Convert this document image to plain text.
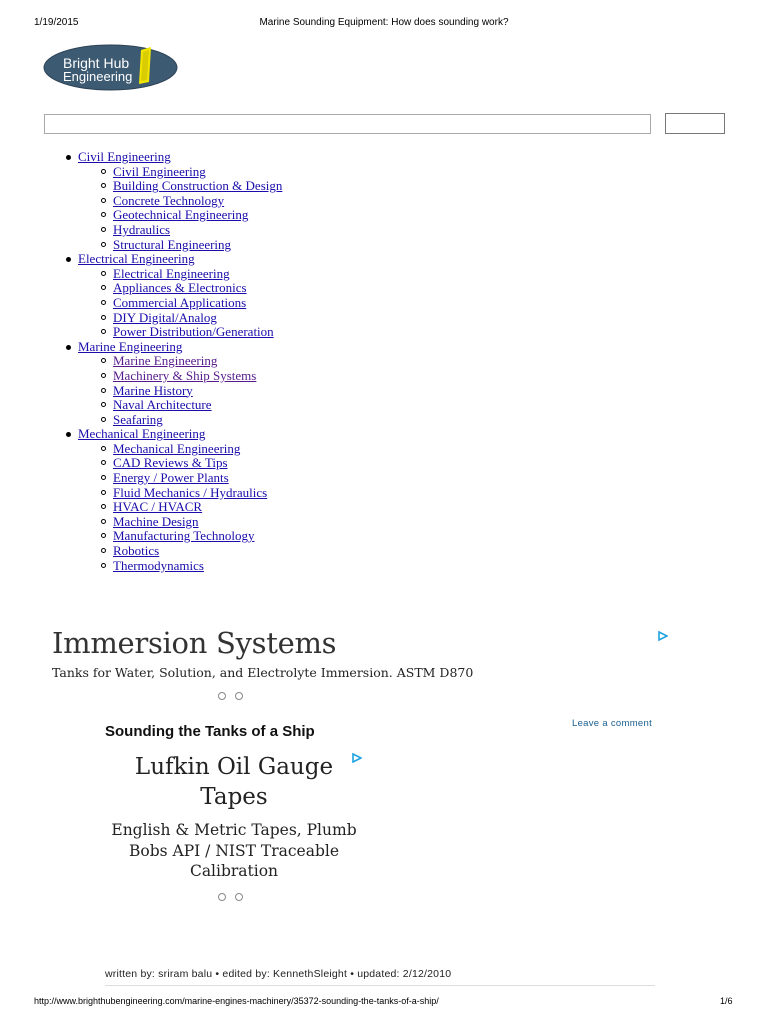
1/19/2015	Marine Sounding Equipment: How does sounding work?
Bright Hub
Engineering
Civil Engineering
Civil Engineering
Building Construction & Design
Concrete Technology
Geotechnical Engineering
Hydraulics
Structural Engineering
Electrical Engineering
Electrical Engineering
Appliances & Electronics
Commercial Applications
DIY Digital/Analog
Power Distribution/Generation
Marine Engineering
Marine Engineering
Machinery & Ship Systems
Marine History
Naval Architecture
Seafaring
Mechanical Engineering
Mechanical Engineering
CAD Reviews & Tips
Energy / Power Plants
Fluid Mechanics / Hydraulics
HVAC / HVACR
Machine Design
Manufacturing Technology
Robotics
Thermodynamics
Immersion Systems
Tanks for Water, Solution, and Electrolyte Immersion. ASTM D870
Sounding the Tanks of a Ship	Leave a comment
Lufkin Oil Gauge Tapes
English & Metric Tapes, Plumb Bobs API / NIST Traceable Calibration
written by: sriram balu • edited by: KennethSleight • updated: 2/12/2010
http://www.brighthubengineering.com/marine-engines-machinery/35372-sounding-the-tanks-of-a-ship/	1/6
